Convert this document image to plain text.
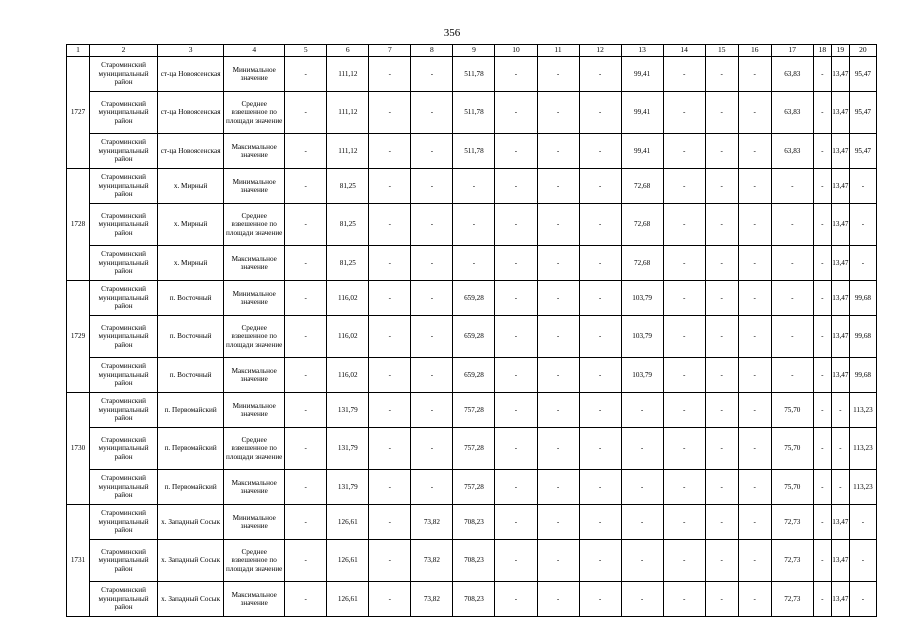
356
1	2	3	4	5	6	7	8	9	10	11	12	13	14	15	16	17	18	19	20
1727	Староминский муниципальный район	ст-ца Новоясенская	Минимальное значение	-	111,12	-	-	511,78	-	-	-	99,41	-	-	-	63,83	-	13,47	95,47
	Староминский муниципальный район	ст-ца Новоясенская	Среднее взвешенное по площади значение	-	111,12	-	-	511,78	-	-	-	99,41	-	-	-	63,83	-	13,47	95,47
	Староминский муниципальный район	ст-ца Новоясенская	Максимальное значение	-	111,12	-	-	511,78	-	-	-	99,41	-	-	-	63,83	-	13,47	95,47
1728	Староминский муниципальный район	х. Мирный	Минимальное значение	-	81,25	-	-	-	-	-	-	72,68	-	-	-	-	-	13,47	-
	Староминский муниципальный район	х. Мирный	Среднее взвешенное по площади значение	-	81,25	-	-	-	-	-	-	72,68	-	-	-	-	-	13,47	-
	Староминский муниципальный район	х. Мирный	Максимальное значение	-	81,25	-	-	-	-	-	-	72,68	-	-	-	-	-	13,47	-
1729	Староминский муниципальный район	п. Восточный	Минимальное значение	-	116,02	-	-	659,28	-	-	-	103,79	-	-	-	-	-	13,47	99,68
	Староминский муниципальный район	п. Восточный	Среднее взвешенное по площади значение	-	116,02	-	-	659,28	-	-	-	103,79	-	-	-	-	-	13,47	99,68
	Староминский муниципальный район	п. Восточный	Максимальное значение	-	116,02	-	-	659,28	-	-	-	103,79	-	-	-	-	-	13,47	99,68
1730	Староминский муниципальный район	п. Первомайский	Минимальное значение	-	131,79	-	-	757,28	-	-	-	-	-	-	-	75,70	-	-	113,23
	Староминский муниципальный район	п. Первомайский	Среднее взвешенное по площади значение	-	131,79	-	-	757,28	-	-	-	-	-	-	-	75,70	-	-	113,23
	Староминский муниципальный район	п. Первомайский	Максимальное значение	-	131,79	-	-	757,28	-	-	-	-	-	-	-	75,70	-	-	113,23
1731	Староминский муниципальный район	х. Западный Сосык	Минимальное значение	-	126,61	-	73,82	708,23	-	-	-	-	-	-	-	72,73	-	13,47	-
	Староминский муниципальный район	х. Западный Сосык	Среднее взвешенное по площади значение	-	126,61	-	73,82	708,23	-	-	-	-	-	-	-	72,73	-	13,47	-
	Староминский муниципальный район	х. Западный Сосык	Максимальное значение	-	126,61	-	73,82	708,23	-	-	-	-	-	-	-	72,73	-	13,47	-
